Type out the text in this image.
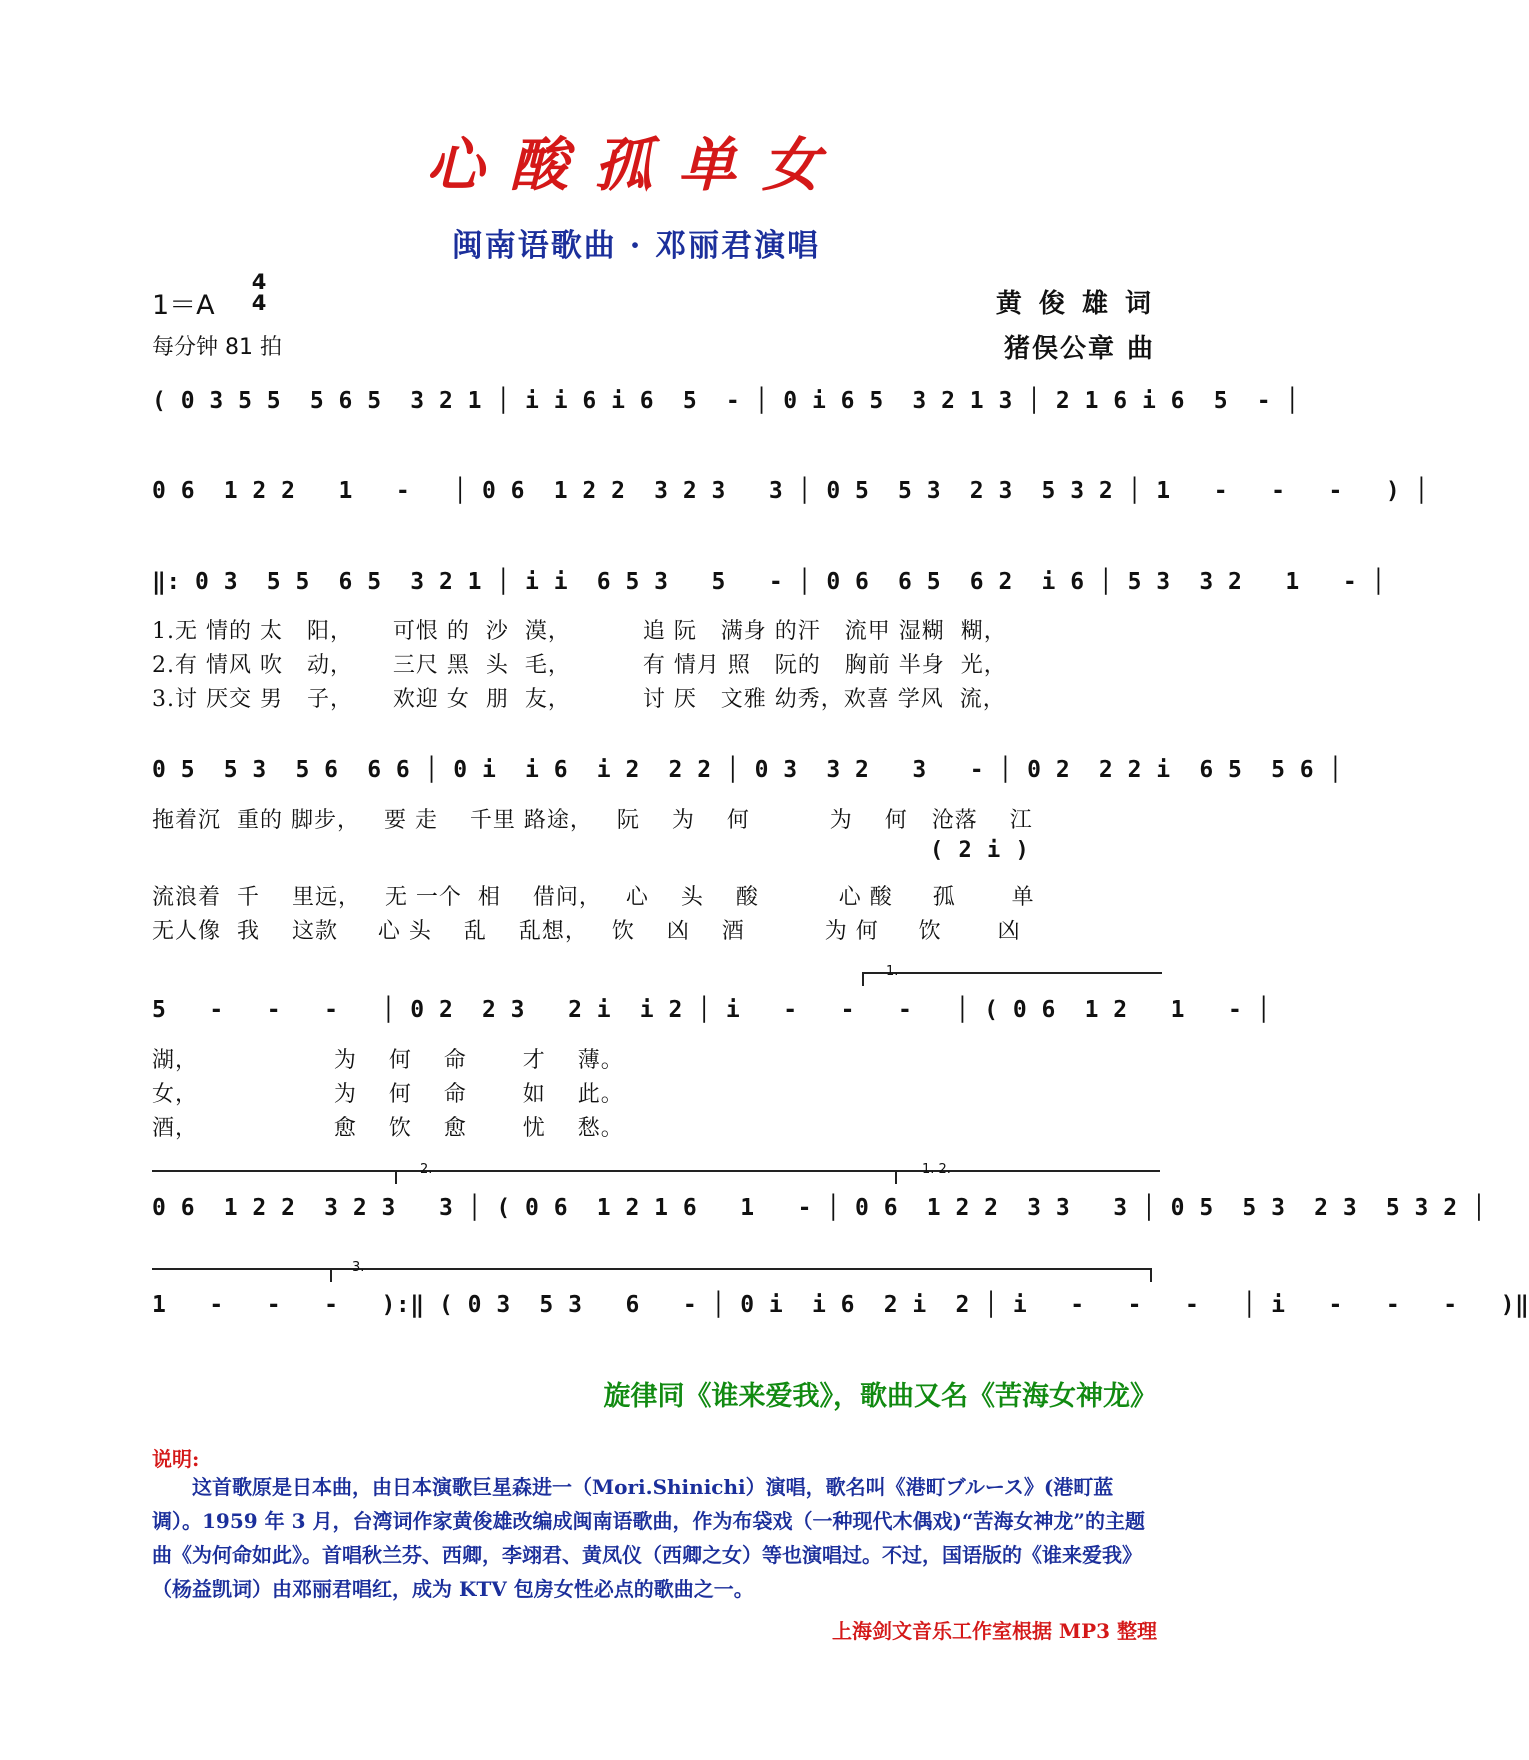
心酸孤单女
闽南语歌曲 · 邓丽君演唱
1＝A
4
4
每分钟 81 拍
黄 俊 雄 词
猪俣公章 曲
( 0 3 5 5  5 6 5  3 2 1 │ i i 6 i 6  5  - │ 0 i 6 5  3 2 1 3 │ 2 1 6 i 6  5  - │
0 6  1 2 2   1   -   │ 0 6  1 2 2  3 2 3   3 │ 0 5  5 3  2 3  5 3 2 │ 1   -   -   -   ) │
‖: 0 3  5 5  6 5  3 2 1 │ i i  6 5 3   5   - │ 0 6  6 5  6 2  i 6 │ 5 3  3 2   1   - │
1.无 情的 太   阳，     可恨 的  沙  漠，         追 阮   满身 的汗   流甲 湿糊  糊，
2.有 情风 吹   动，     三尺 黑  头  毛，         有 情月 照   阮的   胸前 半身  光，
3.讨 厌交 男   子，     欢迎 女  朋  友，         讨 厌   文雅 幼秀，欢喜 学风  流，
0 5  5 3  5 6  6 6 │ 0 i  i 6  i 2  2 2 │ 0 3  3 2   3   - │ 0 2  2 2 i  6 5  5 6 │
拖着沉  重的 脚步，   要 走    千里 路途，   阮    为    何          为    何   沧落    江
( 2 i )
流浪着  千    里远，   无 一个  相    借问，   心    头    酸          心 酸     孤       单
无人像  我    这款     心 头    乱    乱想，   饮    凶    酒          为 何     饮       凶
1.
5   -   -   -   │ 0 2  2 3   2 i  i 2 │ i   -   -   -   │ ( 0 6  1 2   1   - │
湖，                 为    何    命       才    薄。
女，                 为    何    命       如    此。
酒，                 愈    饮    愈       忧    愁。
2.	1. 2.
0 6  1 2 2  3 2 3   3 │ ( 0 6  1 2 1 6   1   - │ 0 6  1 2 2  3 3   3 │ 0 5  5 3  2 3  5 3 2 │
3.
1   -   -   -   ):‖ ( 0 3  5 3   6   - │ 0 i  i 6  2 i  2 │ i   -   -   -   │ i   -   -   -   )‖
旋律同《谁来爱我》，歌曲又名《苦海女神龙》
说明:
这首歌原是日本曲，由日本演歌巨星森进一（Mori.Shinichi）演唱，歌名叫《港町ブルース》(港町蓝调）。1959 年 3 月，台湾词作家黄俊雄改编成闽南语歌曲，作为布袋戏（一种现代木偶戏)“苦海女神龙”的主题曲《为何命如此》。首唱秋兰芬、西卿，李翊君、黄凤仪（西卿之女）等也演唱过。不过，国语版的《谁来爱我》（杨益凯词）由邓丽君唱红，成为 KTV 包房女性必点的歌曲之一。
上海剑文音乐工作室根据 MP3 整理
